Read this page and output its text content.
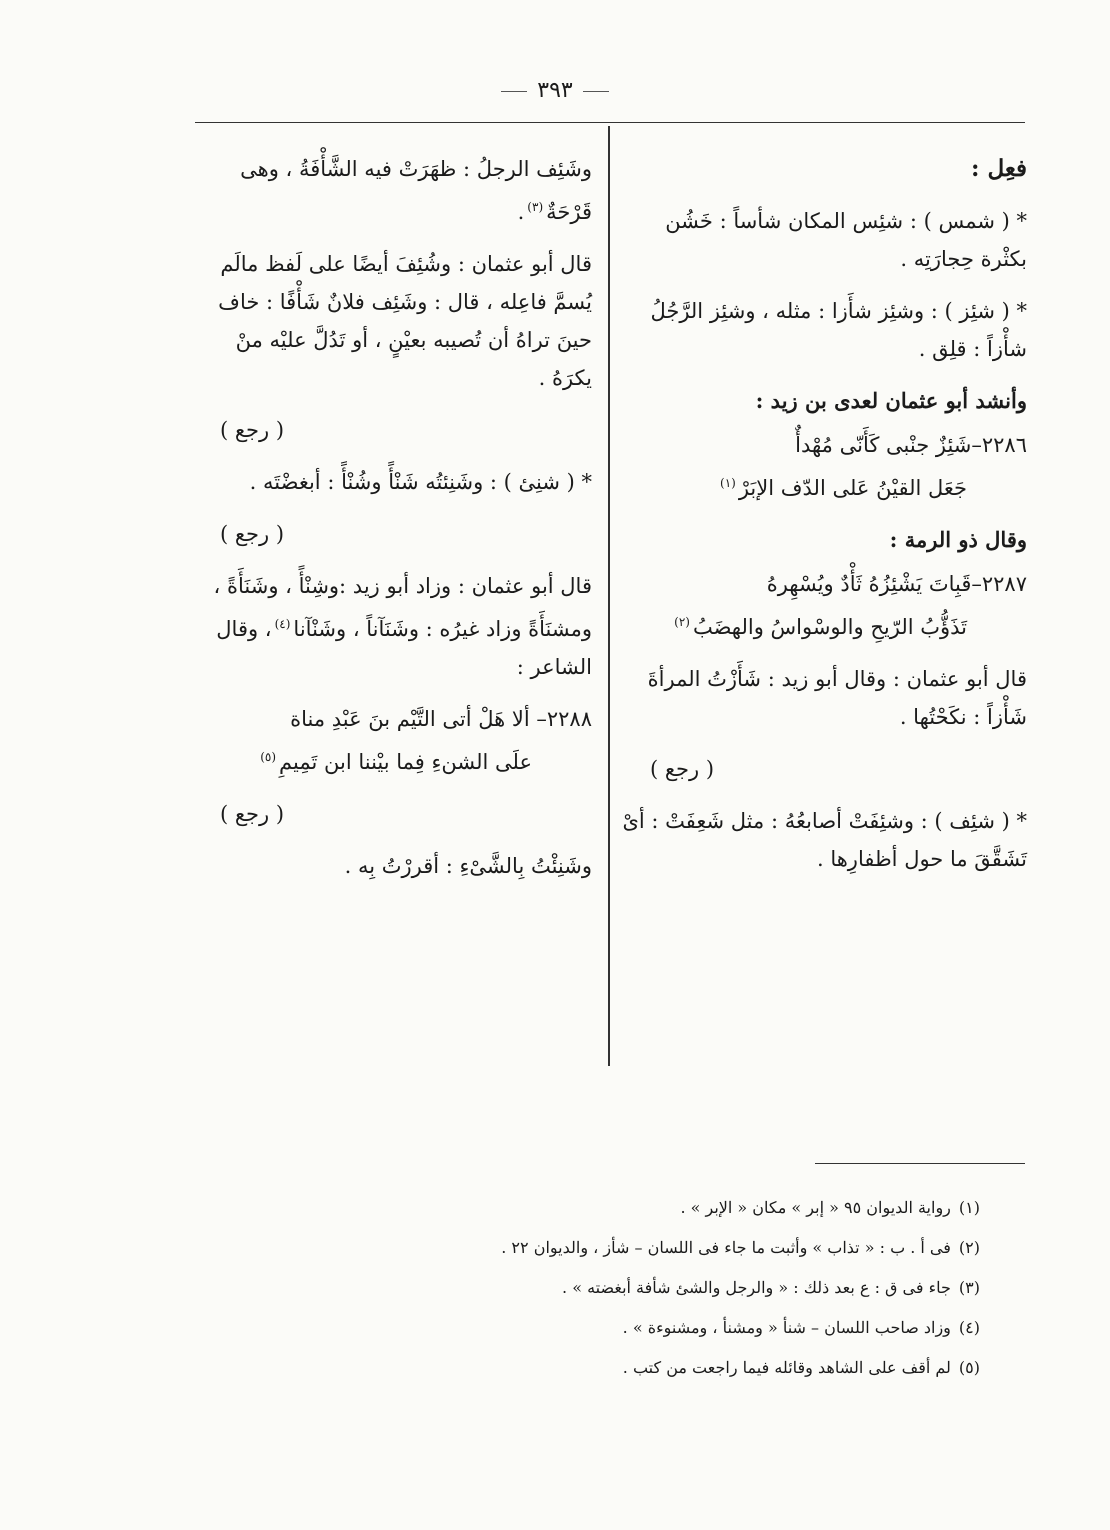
٣٩٣
فعِل :
* ( شمس ) : شئِس المكان شأساً : خَشُن بكثْرة حِجارَتِه .
* ( شئِز ) : وشئِز شأَزا : مثله ، وشئِز الرَّجُلُ شأْزاً : قلِق .
وأنشد أبو عثمان لعدى بن زيد :
٢٢٨٦–شَئِزٌ جنْبى كَأَنّى مُهْدأٌ
جَعَل القيْنُ عَلى الدّف الإبَرْ$^{(١)}$
وقال ذو الرمة :
٢٢٨٧–قَبِاتَ يَشْئِزُهُ ثَأْدٌ ويُسْهِرهُ
تَذَؤُّبُ الرّيحِ والوسْواسُ والهضَبُ$^{(٢)}$
قال أبو عثمان : وقال أبو زيد : شَأَزْتُ المرأةَ شَأْزاً : نكَحْتُها .
( رجع )
* ( شئِف ) : وشئِفَتْ أصابعُهُ : مثل شَعِفَتْ : أىْ تَشَقَّقَ ما حول أظفارِها .
وشَئِف الرجلُ : ظهَرَتْ فيه الشَّأْفَةُ ، وهى قَرْحَةٌ$^{(٣)}$.
قال أبو عثمان : وشُئِفَ أيضًا على لَفظ مالَم يُسمَّ فاعِله ، قال : وشَئِف فلانٌ شَأْفًا : خاف حينَ تراهُ أن تُصيبه بعيْنٍ ، أو تَدُلَّ عليْه منْ يكرَهُ .
( رجع )
* ( شنِئ ) : وشَنِئتُه شَنْأً وشُنْأً : أبغضْتَه .
( رجع )
قال أبو عثمان : وزاد أبو زيد :وشِنْأً ، وشَنَأَةً ، ومشنَأَةً وزاد غيرُه : وشَنَآناً ، وشَنْآنا$^{(٤)}$، وقال الشاعر :
٢٢٨٨– ألا هَلْ أتى التَّيْم بنَ عَبْدِ مناة
علَى الشنءِ فِما بيْننا ابن تَمِيمِ$^{(٥)}$
( رجع )
وشَنِئْتُ بِالشَّىْءِ : أقررْتُ بِه .
(١)رواية الديوان ٩٥ « إبر » مكان « الإبر » .
(٢)فى أ . ب : « تذاب » وأثبت ما جاء فى اللسان – شأز ، والديوان ٢٢ .
(٣)جاء فى ق : ع بعد ذلك : « والرجل والشئ شأفة أبغضته » .
(٤)وزاد صاحب اللسان – شنأ « ومشنأ ، ومشنوءة » .
(٥)لم أقف على الشاهد وقائله فيما راجعت من كتب .
